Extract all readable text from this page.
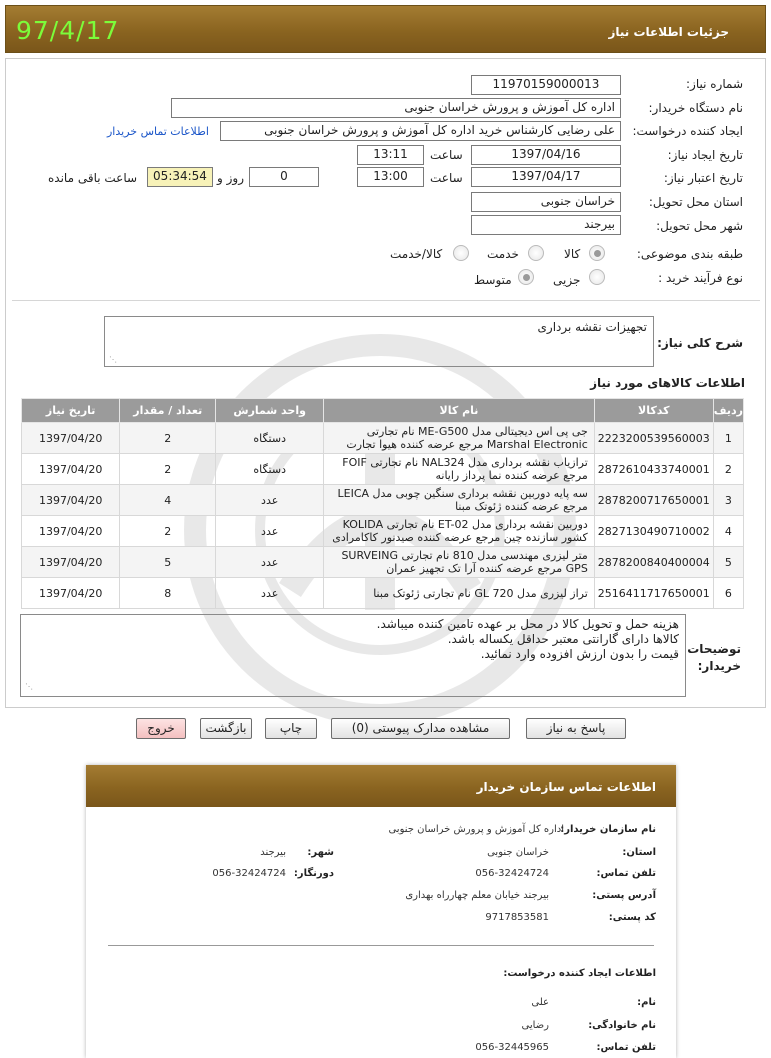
97/4/17	جزئیات اطلاعات نیاز
شماره نیاز:
11970159000013
نام دستگاه خریدار:
اداره کل آموزش و پرورش خراسان جنوبی
ایجاد کننده درخواست:
علی رضایی کارشناس خرید اداره کل آموزش و پرورش خراسان جنوبی
اطلاعات تماس خریدار
تاریخ ایجاد نیاز:
1397/04/16
ساعت
13:11
تاریخ اعتبار نیاز:
1397/04/17
ساعت
13:00
0
روز و
05:34:54
ساعت باقی مانده
استان محل تحویل:
خراسان جنوبی
شهر محل تحویل:
بیرجند
طبقه بندی موضوعی:
کالا
خدمت
کالا/خدمت
نوع فرآیند خرید :
جزیی
متوسط
شرح کلی نیاز:
تجهیزات نقشه برداری
⋰
اطلاعات کالاهای مورد نیاز
ردیف	کدکالا	نام کالا	واحد شمارش	تعداد / مقدار	تاریخ نیاز
1	2223200539560003	جی پی اس دیجیتالی مدل ME-G500 نام تجارتی Marshal Electronic مرجع عرضه کننده هیوا تجارت	دستگاه	2	1397/04/20
2	2872610433740001	ترازیاب نقشه برداری مدل NAL324 نام تجارتی FOIF مرجع عرضه کننده نما پرداز رایانه	دستگاه	2	1397/04/20
3	2878200717650001	سه پایه دوربین نقشه برداری سنگین چوبی مدل LEICA مرجع عرضه کننده ژئوتک مبنا	عدد	4	1397/04/20
4	2827130490710002	دوربین نقشه برداری مدل ET-02 نام تجارتی KOLIDA کشور سازنده چین مرجع عرضه کننده صیدنور کاکامرادی	عدد	2	1397/04/20
5	2878200840400004	متر لیزری مهندسی مدل 810 نام تجارتی SURVEING GPS مرجع عرضه کننده آرا تک تجهیز عمران	عدد	5	1397/04/20
6	2516411717650001	تراز لیزری مدل GL 720 نام تجارتی ژئوتک مبنا	عدد	8	1397/04/20
توضیحات خریدار:
هزینه حمل و تحویل کالا در محل بر عهده تامین کننده میباشد.
کالاها دارای گارانتی معتبر حداقل یکساله باشد.
قیمت را بدون ارزش افزوده وارد نمائید.
⋰
پاسخ به نیاز
مشاهده مدارک پیوستی (0)
چاپ
بازگشت
خروج
اطلاعات تماس سازمان خریدار
نام سازمان خریدار:
اداره کل آموزش و پرورش خراسان جنوبی
استان:
خراسان جنوبی
شهر:
بیرجند
تلفن تماس:
056-32424724
دورنگار:
056-32424724
آدرس پستی:
بیرجند خیابان معلم چهارراه بهداری
کد پستی:
9717853581
اطلاعات ایجاد کننده درخواست:
نام:
علی
نام خانوادگی:
رضایی
تلفن تماس:
056-32445965
